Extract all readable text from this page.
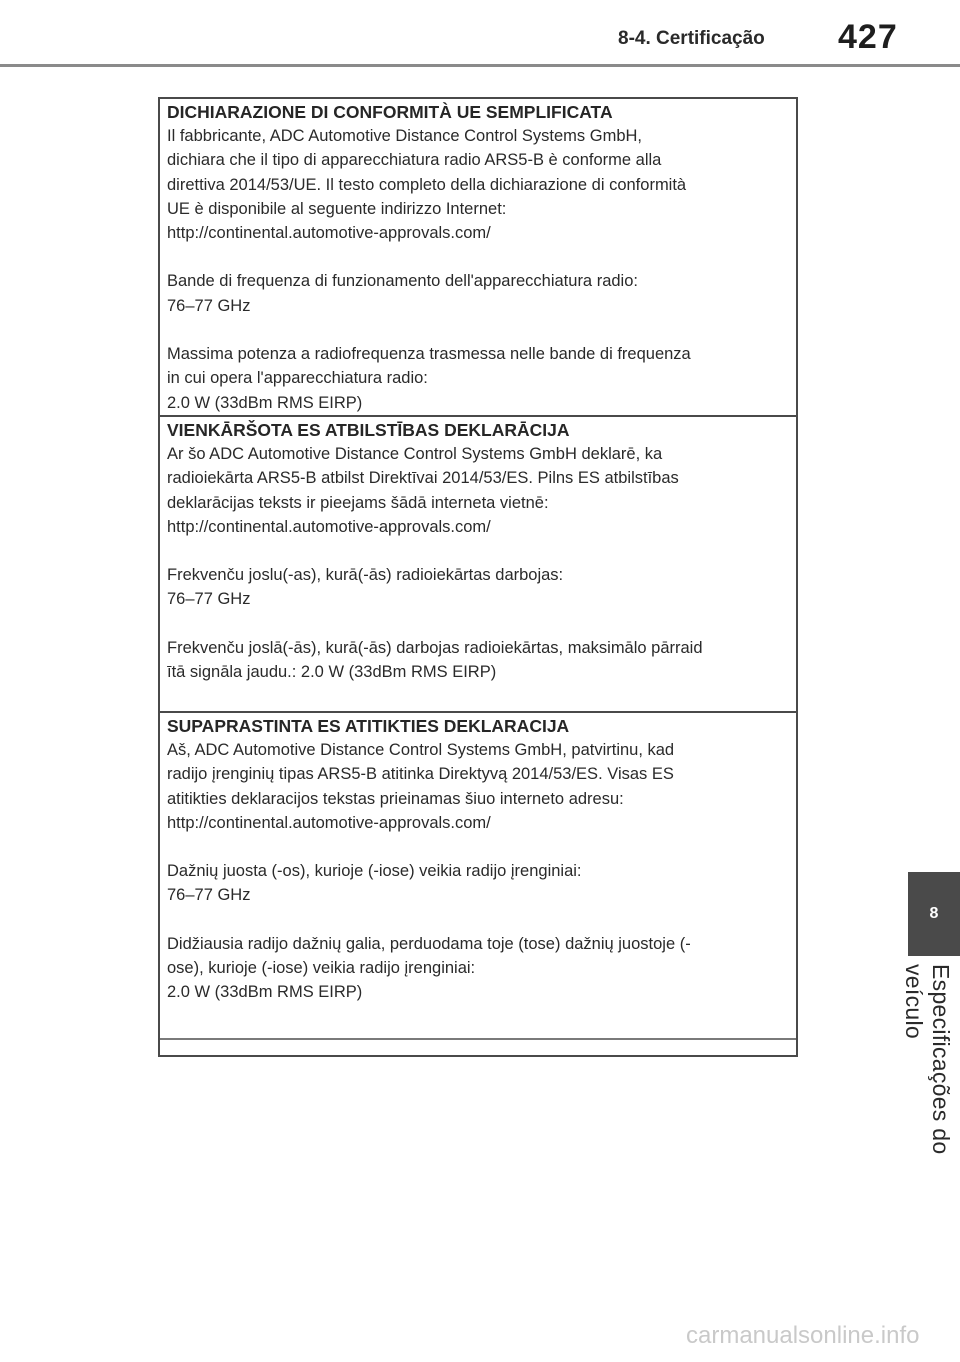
8-4. Certificação 427
DICHIARAZIONE DI CONFORMITÀ UE SEMPLIFICATA

Il fabbricante, ADC Automotive Distance Control Systems GmbH,

dichiara che il tipo di apparecchiatura radio ARS5-B è conforme alla

direttiva 2014/53/UE. Il testo completo della dichiarazione di conformità

UE è disponibile al seguente indirizzo Internet:

http://continental.automotive-approvals.com/

Bande di frequenza di funzionamento dell'apparecchiatura radio:

76–77 GHz

Massima potenza a radiofrequenza trasmessa nelle bande di frequenza

in cui opera l'apparecchiatura radio:

2.0 W (33dBm RMS EIRP)

VIENKĀRŠOTA ES ATBILSTĪBAS DEKLARĀCIJA

Ar šo ADC Automotive Distance Control Systems GmbH deklarē, ka

radioiekārta ARS5-B atbilst Direktīvai 2014/53/ES. Pilns ES atbilstības

deklarācijas teksts ir pieejams šādā interneta vietnē:

http://continental.automotive-approvals.com/

Frekvenču joslu(-as), kurā(-ās) radioiekārtas darbojas:

76–77 GHz

Frekvenču joslā(-ās), kurā(-ās) darbojas radioiekārtas, maksimālo pārraid

ītā signāla jaudu.: 2.0 W (33dBm RMS EIRP)

SUPAPRASTINTA ES ATITIKTIES DEKLARACIJA

Aš, ADC Automotive Distance Control Systems GmbH, patvirtinu, kad

radijo įrenginių tipas ARS5-B atitinka Direktyvą 2014/53/ES. Visas ES

atitikties deklaracijos tekstas prieinamas šiuo interneto adresu:

http://continental.automotive-approvals.com/

Dažnių juosta (-os), kurioje (-iose) veikia radijo įrenginiai:

76–77 GHz

Didžiausia radijo dažnių galia, perduodama toje (tose) dažnių juostoje (-

ose), kurioje (-iose) veikia radijo įrenginiai:

2.0 W (33dBm RMS EIRP)

8
Especificações do veículo
carmanualsonline.info
